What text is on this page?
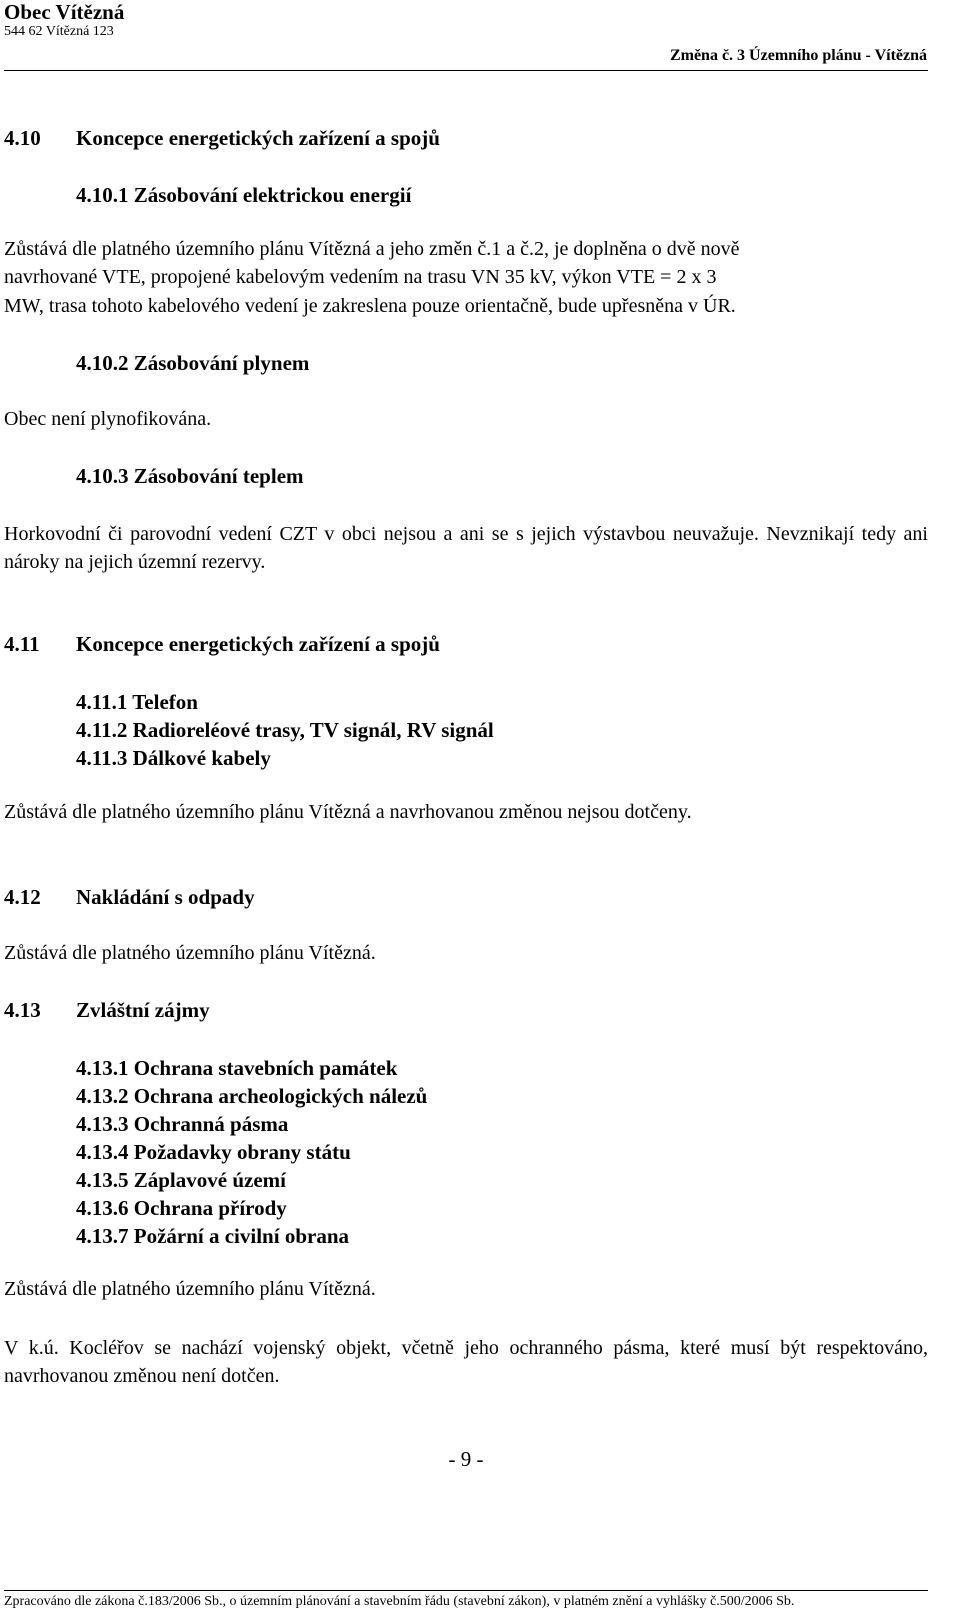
Obec Vítězná
544 62 Vítězná 123
Změna č. 3 Územního plánu - Vítězná
4.10 Koncepce energetických zařízení a spojů
4.10.1 Zásobování elektrickou energií
Zůstává dle platného územního plánu Vítězná a jeho změn č.1 a č.2, je doplněna o dvě nově
navrhované VTE, propojené kabelovým vedením na trasu VN 35 kV, výkon VTE = 2 x 3
MW, trasa tohoto kabelového vedení je zakreslena pouze orientačně, bude upřesněna v ÚR.
4.10.2 Zásobování plynem
Obec není plynofikována.
4.10.3 Zásobování teplem
Horkovodní či parovodní vedení CZT v obci nejsou a ani se s jejich výstavbou neuvažuje. Nevznikají tedy ani nároky na jejich územní rezervy.
4.11 Koncepce energetických zařízení a spojů
4.11.1 Telefon
4.11.2 Radioreléové trasy, TV signál, RV signál
4.11.3 Dálkové kabely
Zůstává dle platného územního plánu Vítězná a navrhovanou změnou nejsou dotčeny.
4.12 Nakládání s odpady
Zůstává dle platného územního plánu Vítězná.
4.13 Zvláštní zájmy
4.13.1 Ochrana stavebních památek
4.13.2 Ochrana archeologických nálezů
4.13.3 Ochranná pásma
4.13.4 Požadavky obrany státu
4.13.5 Záplavové území
4.13.6 Ochrana přírody
4.13.7 Požární a civilní obrana
Zůstává dle platného územního plánu Vítězná.
V k.ú. Kocléřov se nachází vojenský objekt, včetně jeho ochranného pásma, které musí být respektováno, navrhovanou změnou není dotčen.
- 9 -
Zpracováno dle zákona č.183/2006 Sb., o územním plánování a stavebním řádu (stavební zákon), v platném znění a vyhlášky č.500/2006 Sb.
